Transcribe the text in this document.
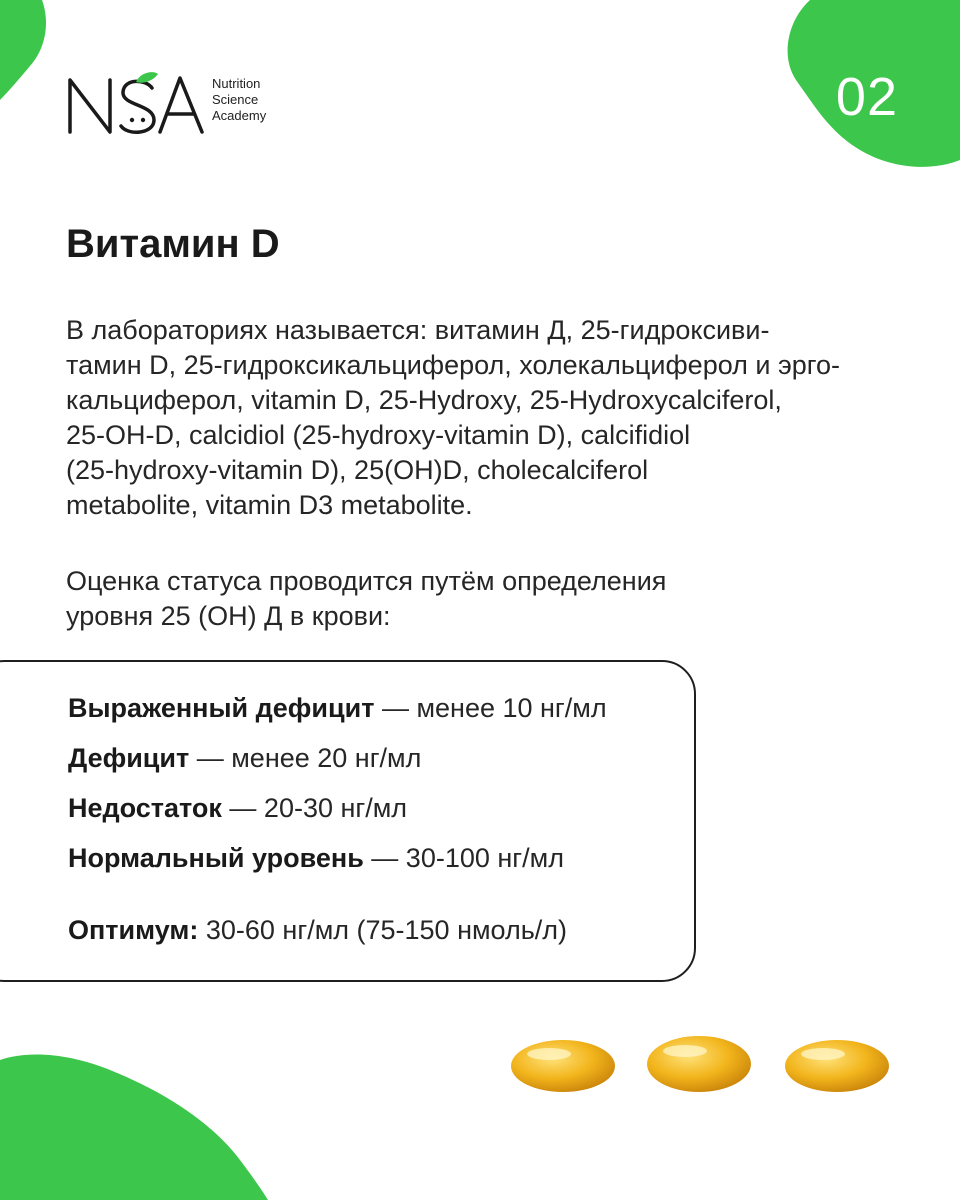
Nutrition
Science
Academy	02
Витамин D

В лабораториях называется: витамин Д, 25-гидроксиви-
тамин D, 25-гидроксикальциферол, холекальциферол и эрго-
кальциферол, vitamin D, 25-Hydroxy, 25-Hydroxycalciferol,
25-OH-D, calcidiol (25-hydroxy-vitamin D), calcifidiol
(25-hydroxy-vitamin D), 25(OH)D, cholecalciferol
metabolite, vitamin D3 metabolite.

Оценка статуса проводится путём определения
уровня 25 (ОН) Д в крови:

Выраженный дефицит — менее 10 нг/мл
Дефицит — менее 20 нг/мл
Недостаток — 20-30 нг/мл
Нормальный уровень — 30-100 нг/мл
Оптимум: 30-60 нг/мл (75-150 нмоль/л)
